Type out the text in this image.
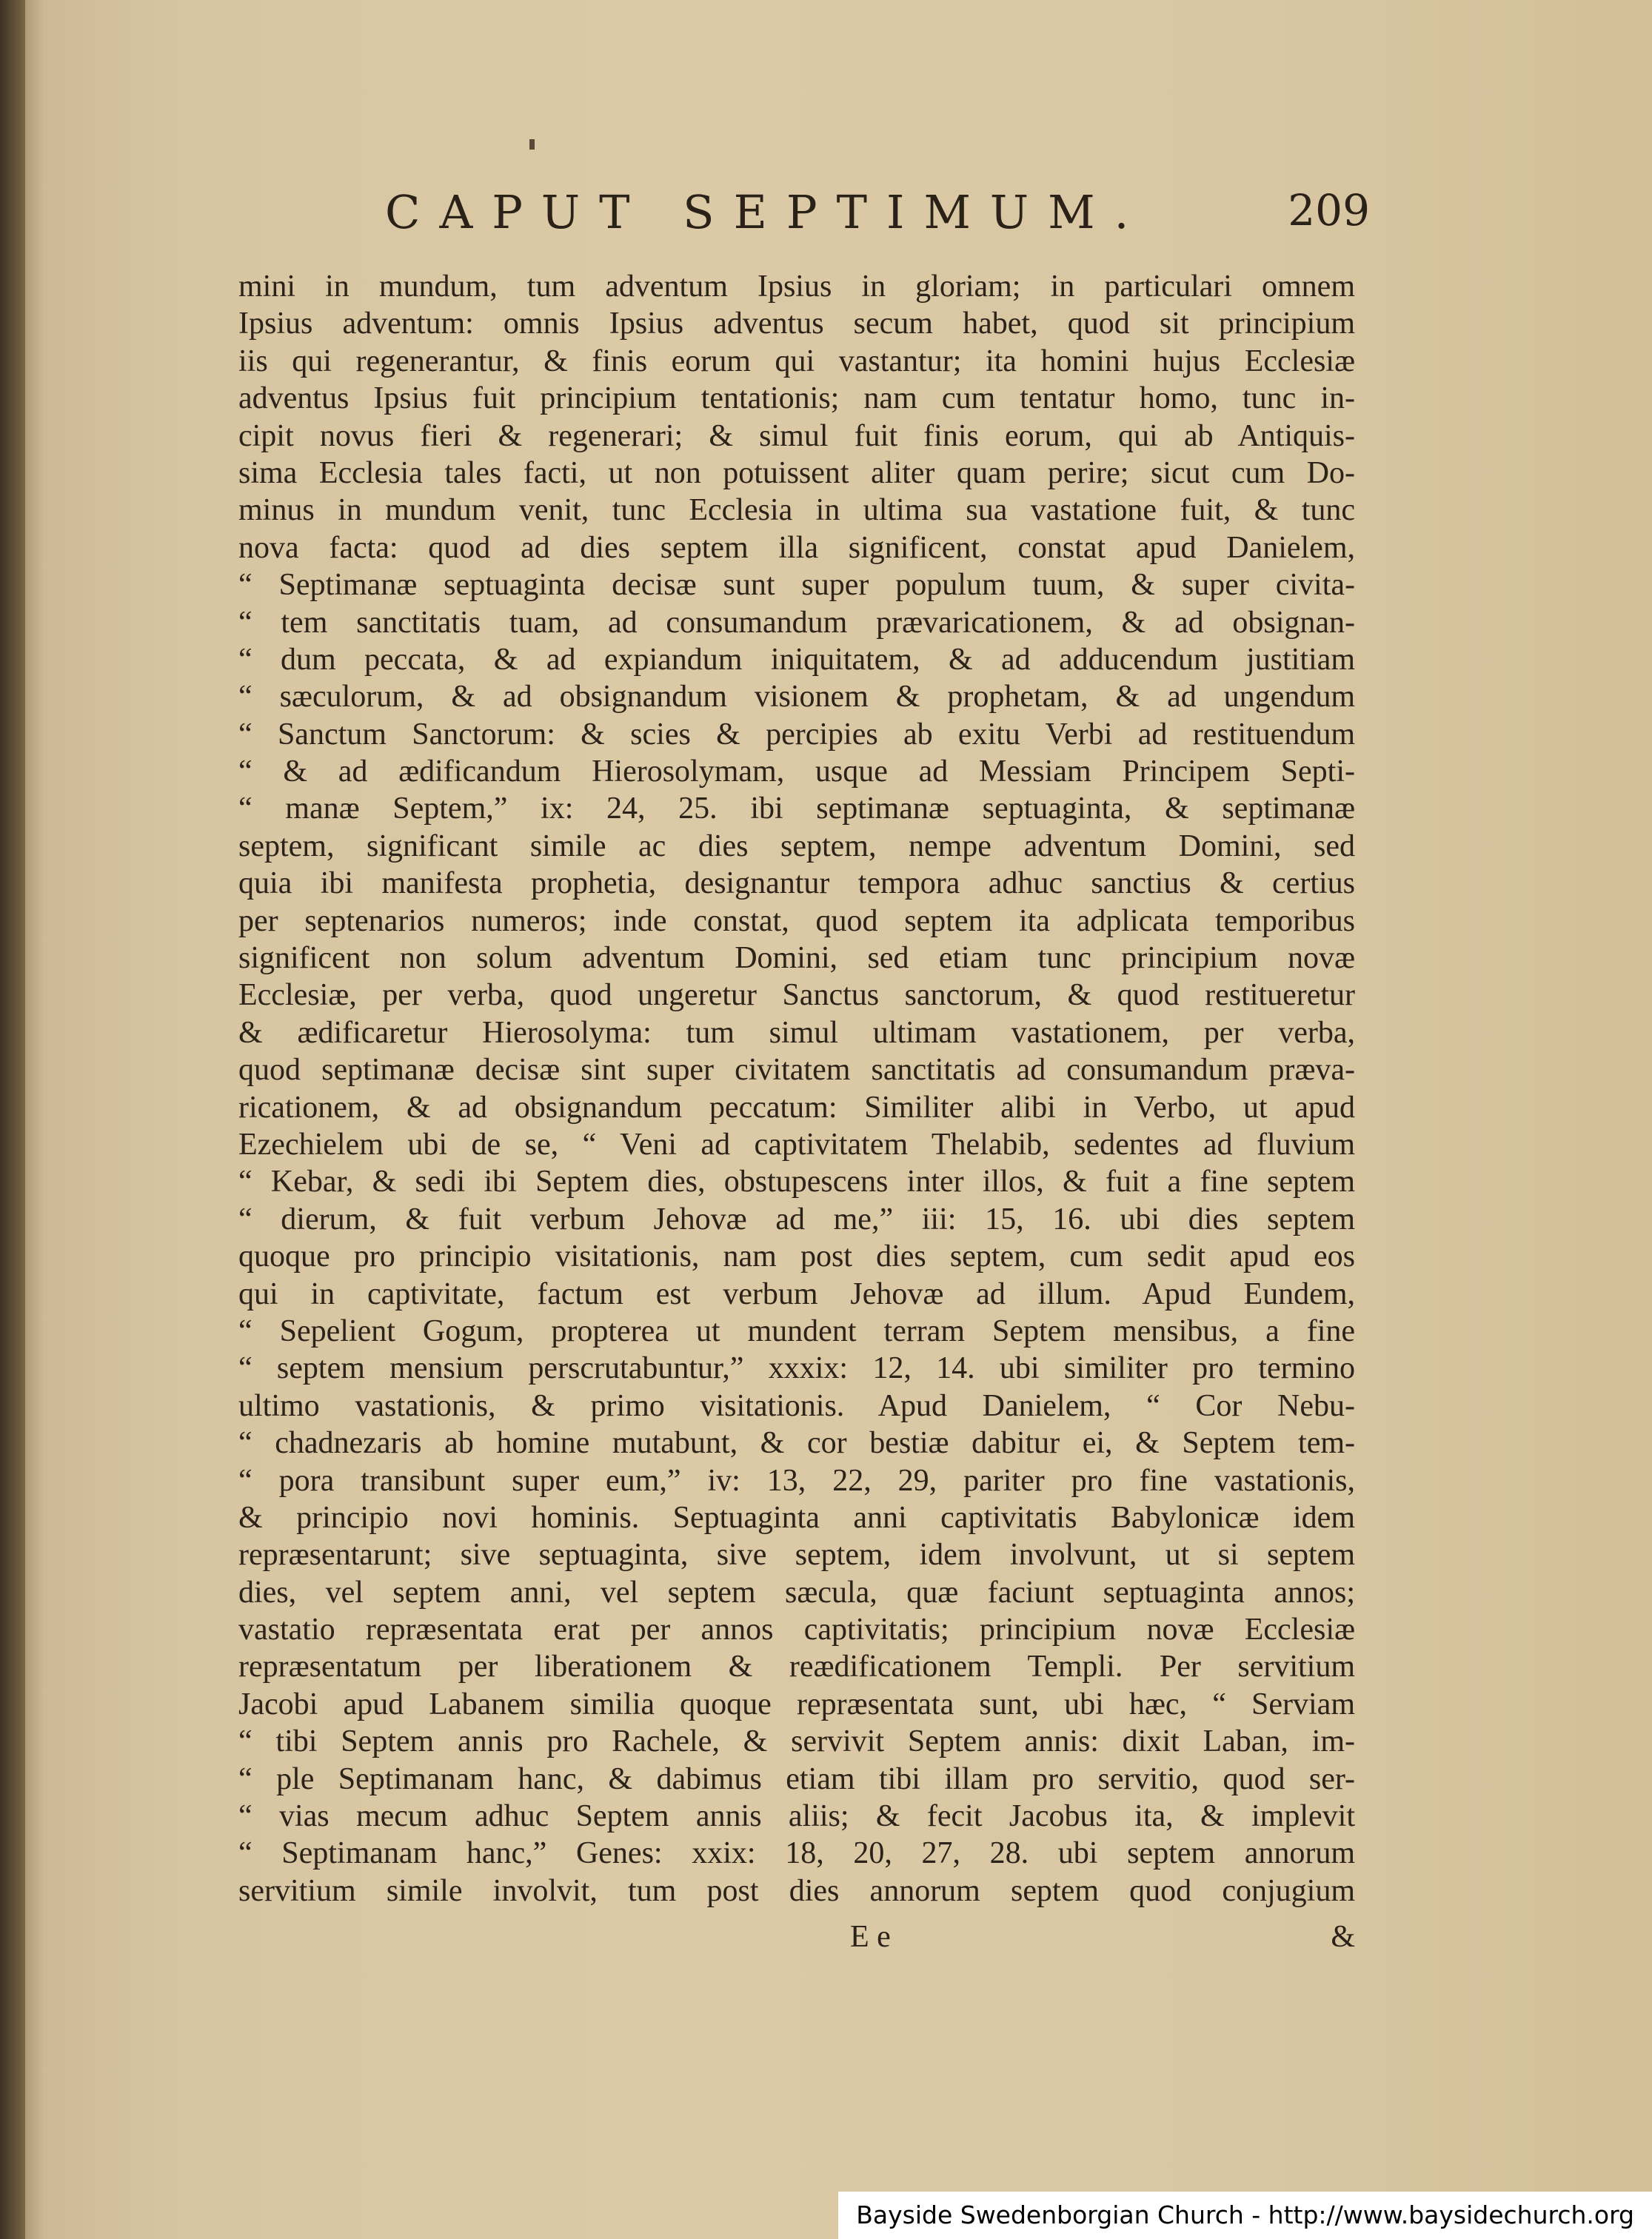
CAPUT SEPTIMUM.	209
mini in mundum, tum adventum Ipsius in gloriam; in particulari omnem
Ipsius adventum: omnis Ipsius adventus secum habet, quod sit principium
iis qui regenerantur, & finis eorum qui vastantur; ita homini hujus Ecclesiæ
adventus Ipsius fuit principium tentationis; nam cum tentatur homo, tunc in-
cipit novus fieri & regenerari; & simul fuit finis eorum, qui ab Antiquis-
sima Ecclesia tales facti, ut non potuissent aliter quam perire; sicut cum Do-
minus in mundum venit, tunc Ecclesia in ultima sua vastatione fuit, & tunc
nova facta: quod ad dies septem illa significent, constat apud Danielem,
“ Septimanæ septuaginta decisæ sunt super populum tuum, & super civita-
“ tem sanctitatis tuam, ad consumandum prævaricationem, & ad obsignan-
“ dum peccata, & ad expiandum iniquitatem, & ad adducendum justitiam
“ sæculorum, & ad obsignandum visionem & prophetam, & ad ungendum
“ Sanctum Sanctorum: & scies & percipies ab exitu Verbi ad restituendum
“ & ad ædificandum Hierosolymam, usque ad Messiam Principem Septi-
“ manæ Septem,” ix: 24, 25. ibi septimanæ septuaginta, & septimanæ
septem, significant simile ac dies septem, nempe adventum Domini, sed
quia ibi manifesta prophetia, designantur tempora adhuc sanctius & certius
per septenarios numeros; inde constat, quod septem ita adplicata temporibus
significent non solum adventum Domini, sed etiam tunc principium novæ
Ecclesiæ, per verba, quod ungeretur Sanctus sanctorum, & quod restitueretur
& ædificaretur Hierosolyma: tum simul ultimam vastationem, per verba,
quod septimanæ decisæ sint super civitatem sanctitatis ad consumandum præva-
ricationem, & ad obsignandum peccatum: Similiter alibi in Verbo, ut apud
Ezechielem ubi de se, “ Veni ad captivitatem Thelabib, sedentes ad fluvium
“ Kebar, & sedi ibi Septem dies, obstupescens inter illos, & fuit a fine septem
“ dierum, & fuit verbum Jehovæ ad me,” iii: 15, 16. ubi dies septem
quoque pro principio visitationis, nam post dies septem, cum sedit apud eos
qui in captivitate, factum est verbum Jehovæ ad illum. Apud Eundem,
“ Sepelient Gogum, propterea ut mundent terram Septem mensibus, a fine
“ septem mensium perscrutabuntur,” xxxix: 12, 14. ubi similiter pro termino
ultimo vastationis, & primo visitationis. Apud Danielem, “ Cor Nebu-
“ chadnezaris ab homine mutabunt, & cor bestiæ dabitur ei, & Septem tem-
“ pora transibunt super eum,” iv: 13, 22, 29, pariter pro fine vastationis,
& principio novi hominis. Septuaginta anni captivitatis Babylonicæ idem
repræsentarunt; sive septuaginta, sive septem, idem involvunt, ut si septem
dies, vel septem anni, vel septem sæcula, quæ faciunt septuaginta annos;
vastatio repræsentata erat per annos captivitatis; principium novæ Ecclesiæ
repræsentatum per liberationem & reædificationem Templi. Per servitium
Jacobi apud Labanem similia quoque repræsentata sunt, ubi hæc, “ Serviam
“ tibi Septem annis pro Rachele, & servivit Septem annis: dixit Laban, im-
“ ple Septimanam hanc, & dabimus etiam tibi illam pro servitio, quod ser-
“ vias mecum adhuc Septem annis aliis; & fecit Jacobus ita, & implevit
“ Septimanam hanc,” Genes: xxix: 18, 20, 27, 28. ubi septem annorum
servitium simile involvit, tum post dies annorum septem quod conjugium
E e	&
Bayside Swedenborgian Church - http://www.baysidechurch.org
